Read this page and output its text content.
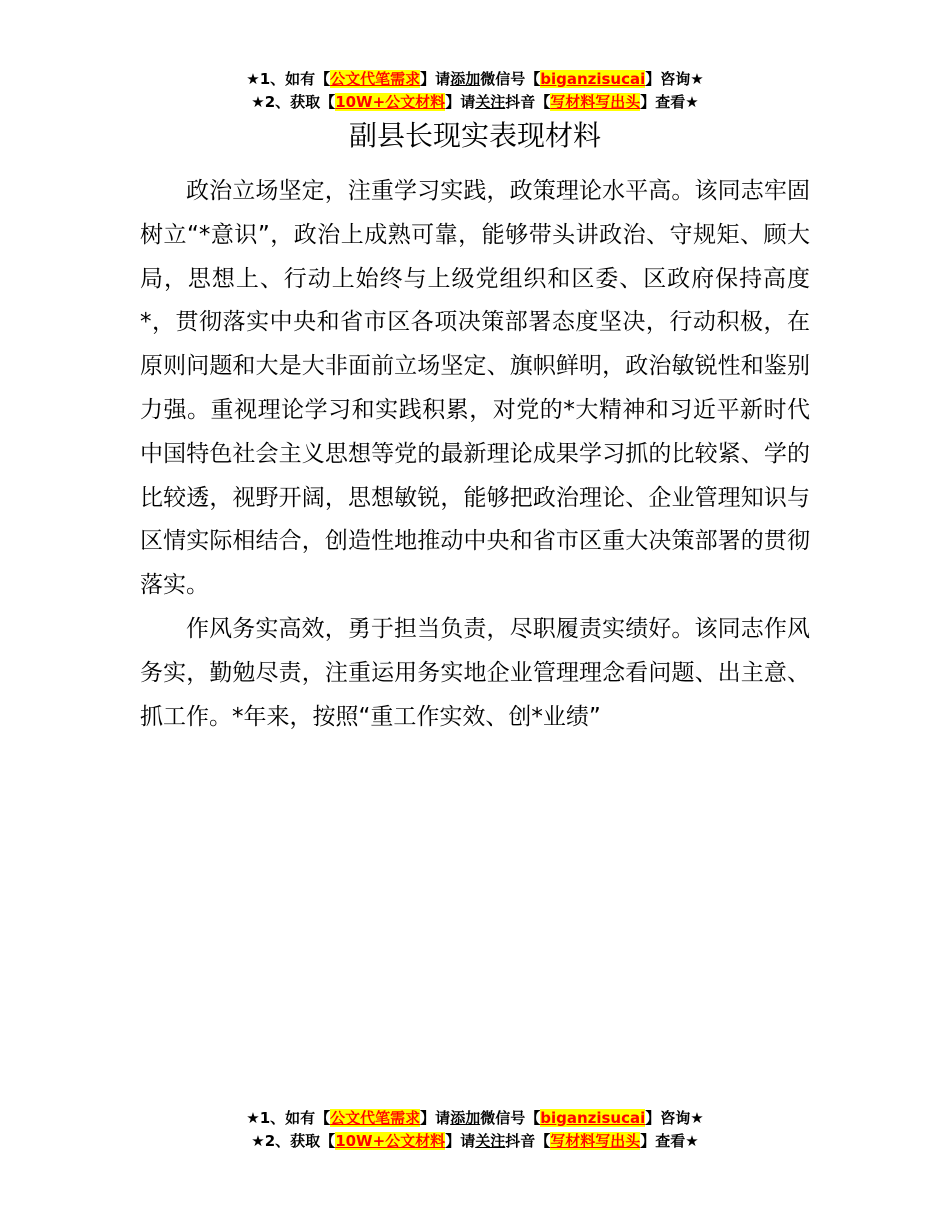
★1、如有【公文代笔需求】请添加微信号【biganzisucai】咨询★
★2、获取【10W+公文材料】请关注抖音【写材料写出头】查看★
副县长现实表现材料

政治立场坚定，注重学习实践，政策理论水平高。该同志牢固树立“*意识”，政治上成熟可靠，能够带头讲政治、守规矩、顾大局，思想上、行动上始终与上级党组织和区委、区政府保持高度*，贯彻落实中央和省市区各项决策部署态度坚决，行动积极，在原则问题和大是大非面前立场坚定、旗帜鲜明，政治敏锐性和鉴别力强。重视理论学习和实践积累，对党的*大精神和习近平新时代中国特色社会主义思想等党的最新理论成果学习抓的比较紧、学的比较透，视野开阔，思想敏锐，能够把政治理论、企业管理知识与区情实际相结合，创造性地推动中央和省市区重大决策部署的贯彻落实。

作风务实高效，勇于担当负责，尽职履责实绩好。该同志作风务实，勤勉尽责，注重运用务实地企业管理理念看问题、出主意、抓工作。*年来，按照“重工作实效、创*业绩”

★1、如有【公文代笔需求】请添加微信号【biganzisucai】咨询★
★2、获取【10W+公文材料】请关注抖音【写材料写出头】查看★
